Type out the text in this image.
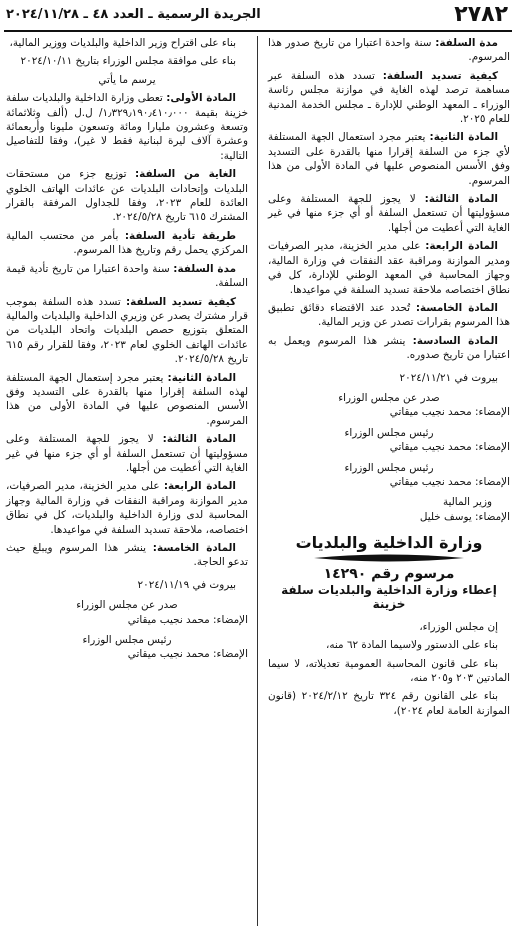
٢٧٨٢
الجريدة الرسمية ـ العدد ٤٨ ـ ٢٠٢٤/١١/٢٨

مدة السلفة: سنة واحدة اعتبارا من تاريخ صدور هذا المرسوم.

كيفية تسديد السلفة: تسدد هذه السلفة عبر مساهمة ترصد لهذه الغاية في موازنة مجلس رئاسة الوزراء ـ المعهد الوطني للإدارة ـ مجلس الخدمة المدنية للعام ٢٠٢٥.

المادة الثانية: يعتبر مجرد استعمال الجهة المستلفة لأي جزء من السلفة إقرارا منها بالقدرة على التسديد وفق الأسس المنصوص عليها في المادة الأولى من هذا المرسوم.

المادة الثالثة: لا يجوز للجهة المستلفة وعلى مسؤوليتها أن تستعمل السلفة أو أي جزء منها في غير الغاية التي أعطيت من أجلها.

المادة الرابعة: على مدير الخزينة، مدير الصرفيات ومدير الموازنة ومراقبة عقد النفقات في وزارة المالية، وجهاز المحاسبة في المعهد الوطني للإدارة، كل في نطاق اختصاصه ملاحقة تسديد السلفة في مواعيدها.

المادة الخامسة: تُحدد عند الاقتضاء دقائق تطبيق هذا المرسوم بقرارات تصدر عن وزير المالية.

المادة السادسة: ينشر هذا المرسوم ويعمل به اعتبارا من تاريخ صدوره.

بيروت في ٢٠٢٤/١١/٢١

صدر عن مجلس الوزراء

الإمضاء: محمد نجيب ميقاتي

رئيس مجلس الوزراء

الإمضاء: محمد نجيب ميقاتي

رئيس مجلس الوزراء

الإمضاء: محمد نجيب ميقاتي

وزير المالية

الإمضاء: يوسف خليل

وزارة الداخلية والبلديات

مرسوم رقم ١٤٢٩٠

إعطاء وزارة الداخلية والبلديات سلفة خزينة

إن مجلس الوزراء،

بناء على الدستور ولاسيما المادة ٦٢ منه،

بناء على قانون المحاسبة العمومية تعديلاته، لا سيما المادتين ٢٠٣ و٢٠٥ منه،

بناء على القانون رقم ٣٢٤ تاريخ ٢٠٢٤/٢/١٢ (قانون الموازنة العامة لعام ٢٠٢٤)،

بناء على اقتراح وزير الداخلية والبلديات ووزير المالية،

بناء على موافقة مجلس الوزراء بتاريخ ٢٠٢٤/١٠/١١

يرسم ما يأتي

المادة الأولى: تعطى وزارة الداخلية والبلديات سلفة خزينة بقيمة ١٫٣٢٩٫١٩٠٫٤١٠٫٠٠٠/ ل.ل (ألف وثلاثمائة وتسعة وعشرون مليارا ومائة وتسعون مليونا وأربعمائة وعشرة آلاف ليرة لبنانية فقط لا غير)، وفقا للتفاصيل التالية:

الغاية من السلفة: توزيع جزء من مستحقات البلديات وإتحادات البلديات عن عائدات الهاتف الخلوي العائدة للعام ٢٠٢٣، وفقا للجداول المرفقة بالقرار المشترك ٦١٥ تاريخ ٢٠٢٤/٥/٢٨.

طريقة تأدية السلفة: بأمر من محتسب المالية المركزي يحمل رقم وتاريخ هذا المرسوم.

مدة السلفة: سنة واحدة اعتبارا من تاريخ تأدية قيمة السلفة.

كيفية تسديد السلفة: تسدد هذه السلفة بموجب قرار مشترك يصدر عن وزيري الداخلية والبلديات والمالية المتعلق بتوزيع حصص البلديات واتحاد البلديات من عائدات الهاتف الخلوي لعام ٢٠٢٣، وفقا للقرار رقم ٦١٥ تاريخ ٢٠٢٤/٥/٢٨.

المادة الثانية: يعتبر مجرد إستعمال الجهة المستلفة لهذه السلفة إقرارا منها بالقدرة على التسديد وفق الأسس المنصوص عليها في المادة الأولى من هذا المرسوم.

المادة الثالثة: لا يجوز للجهة المستلفة وعلى مسؤوليتها أن تستعمل السلفة أو أي جزء منها في غير الغاية التي أعطيت من أجلها.

المادة الرابعة: على مدير الخزينة، مدير الصرفيات، مدير الموازنة ومراقبة النفقات في وزارة المالية وجهاز المحاسبة لدى وزارة الداخلية والبلديات، كل في نطاق اختصاصه، ملاحقة تسديد السلفة في مواعيدها.

المادة الخامسة: ينشر هذا المرسوم ويبلغ حيث تدعو الحاجة.

بيروت في ٢٠٢٤/١١/١٩

صدر عن مجلس الوزراء

الإمضاء: محمد نجيب ميقاتي

رئيس مجلس الوزراء

الإمضاء: محمد نجيب ميقاتي
